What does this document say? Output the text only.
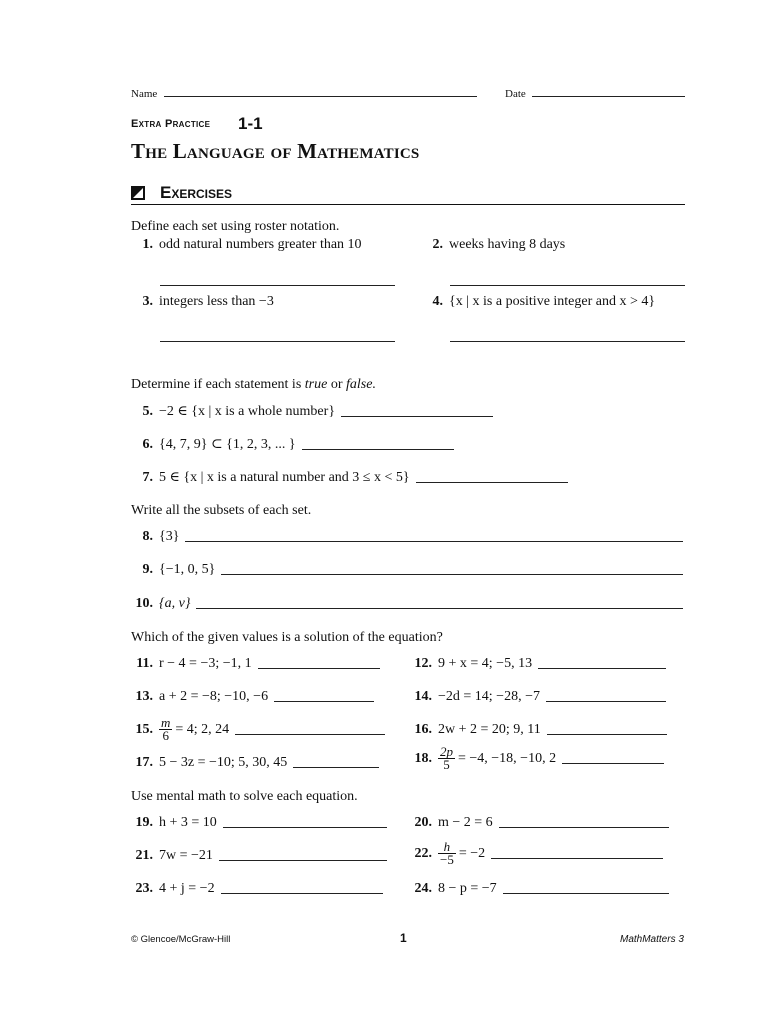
Name	Date
Extra Practice 1-1
The Language of Mathematics
Exercises
Define each set using roster notation.
1. odd natural numbers greater than 10	2. weeks having 8 days
3. integers less than −3	4. {x | x is a positive integer and x > 4}
Determine if each statement is true or false.
5. −2 ∈ {x | x is a whole number}
6. {4, 7, 9} ⊂ {1, 2, 3, ... }
7. 5 ∈ {x | x is a natural number and 3 ≤ x < 5}
Write all the subsets of each set.
8. {3}
9. {−1, 0, 5}
10. {a, v}
Which of the given values is a solution of the equation?
11. r − 4 = −3; −1, 1	12. 9 + x = 4; −5, 13
13. a + 2 = −8; −10, −6	14. −2d = 14; −28, −7
15. $\frac{m}{6} = 4$; 2, 24	16. 2w + 2 = 20; 9, 11
17. 5 − 3z = −10; 5, 30, 45	18. $\frac{2p}{5} = -4$, −18, −10, 2
Use mental math to solve each equation.
19. h + 3 = 10	20. m − 2 = 6
21. 7w = −21	22. $\frac{h}{-5} = -2$
23. 4 + j = −2	24. 8 − p = −7
© Glencoe/McGraw-Hill	1	MathMatters 3
